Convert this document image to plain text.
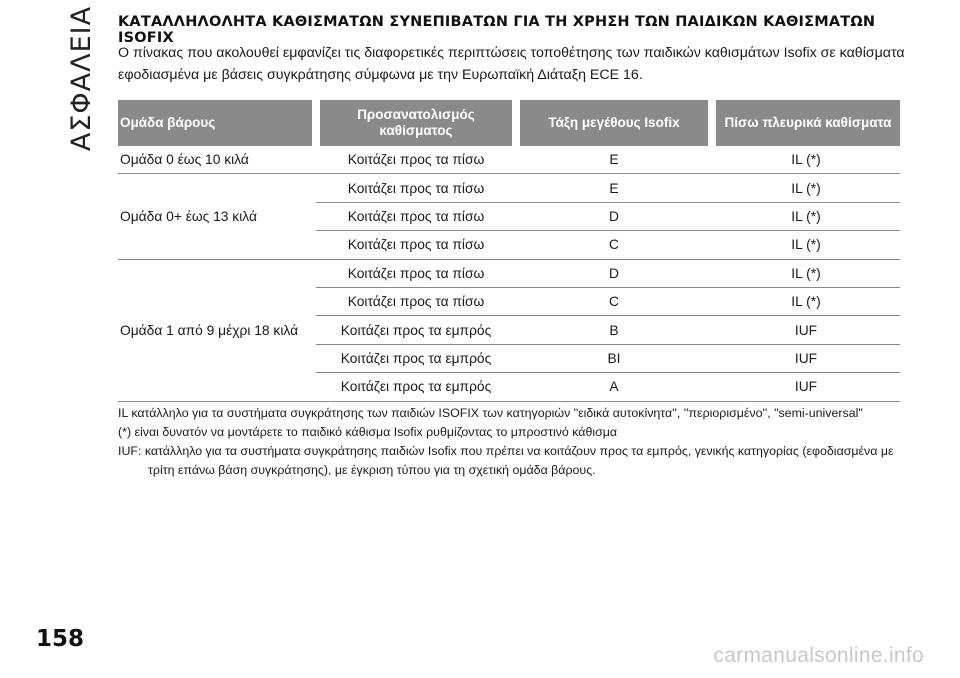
ΑΣΦΑΛΕΙΑ ΚΑΤΑΛΛΗΛΟΛΗΤΑ ΚΑΘΙΣΜΑΤΩΝ ΣΥΝΕΠΙΒΑΤΩΝ ΓΙΑ ΤΗ ΧΡΗΣΗ ΤΩΝ ΠΑΙΔΙΚΩΝ ΚΑΘΙΣΜΑΤΩΝ ISOFIX
Ο πίνακας που ακολουθεί εμφανίζει τις διαφορετικές περιπτώσεις τοποθέτησης των παιδικών καθισμάτων Isofix σε καθίσματα εφοδιασμένα με βάσεις συγκράτησης σύμφωνα με την Ευρωπαϊκή Διάταξη ECE 16.
Ομάδα βάρους	Προσανατολισμός καθίσματος	Τάξη μεγέθους Isofix	Πίσω πλευρικά καθίσματα
Ομάδα 0 έως 10 κιλά	Κοιτάζει προς τα πίσω	E	IL (*)
Ομάδα 0+ έως 13 κιλά	Κοιτάζει προς τα πίσω	E	IL (*)
	Κοιτάζει προς τα πίσω	D	IL (*)
	Κοιτάζει προς τα πίσω	C	IL (*)
Ομάδα 1 από 9 μέχρι 18 κιλά	Κοιτάζει προς τα πίσω	D	IL (*)
	Κοιτάζει προς τα πίσω	C	IL (*)
	Κοιτάζει προς τα εμπρός	B	IUF
	Κοιτάζει προς τα εμπρός	BI	IUF
	Κοιτάζει προς τα εμπρός	A	IUF

IL κατάλληλο για τα συστήματα συγκράτησης των παιδιών ISOFIX των κατηγοριών "ειδικά αυτοκίνητα'', ''περιορισμένο'', "semi-universal"

(*) είναι δυνατόν να μοντάρετε το παιδικό κάθισμα Isofix ρυθμίζοντας το μπροστινό κάθισμα

IUF: κατάλληλο για τα συστήματα συγκράτησης παιδιών Isofix που πρέπει να κοιτάζουν προς τα εμπρός, γενικής κατηγορίας (εφοδιασμένα με τρίτη επάνω βάση συγκράτησης), με έγκριση τύπου για τη σχετική ομάδα βάρους.

158
carmanualsonline.info
